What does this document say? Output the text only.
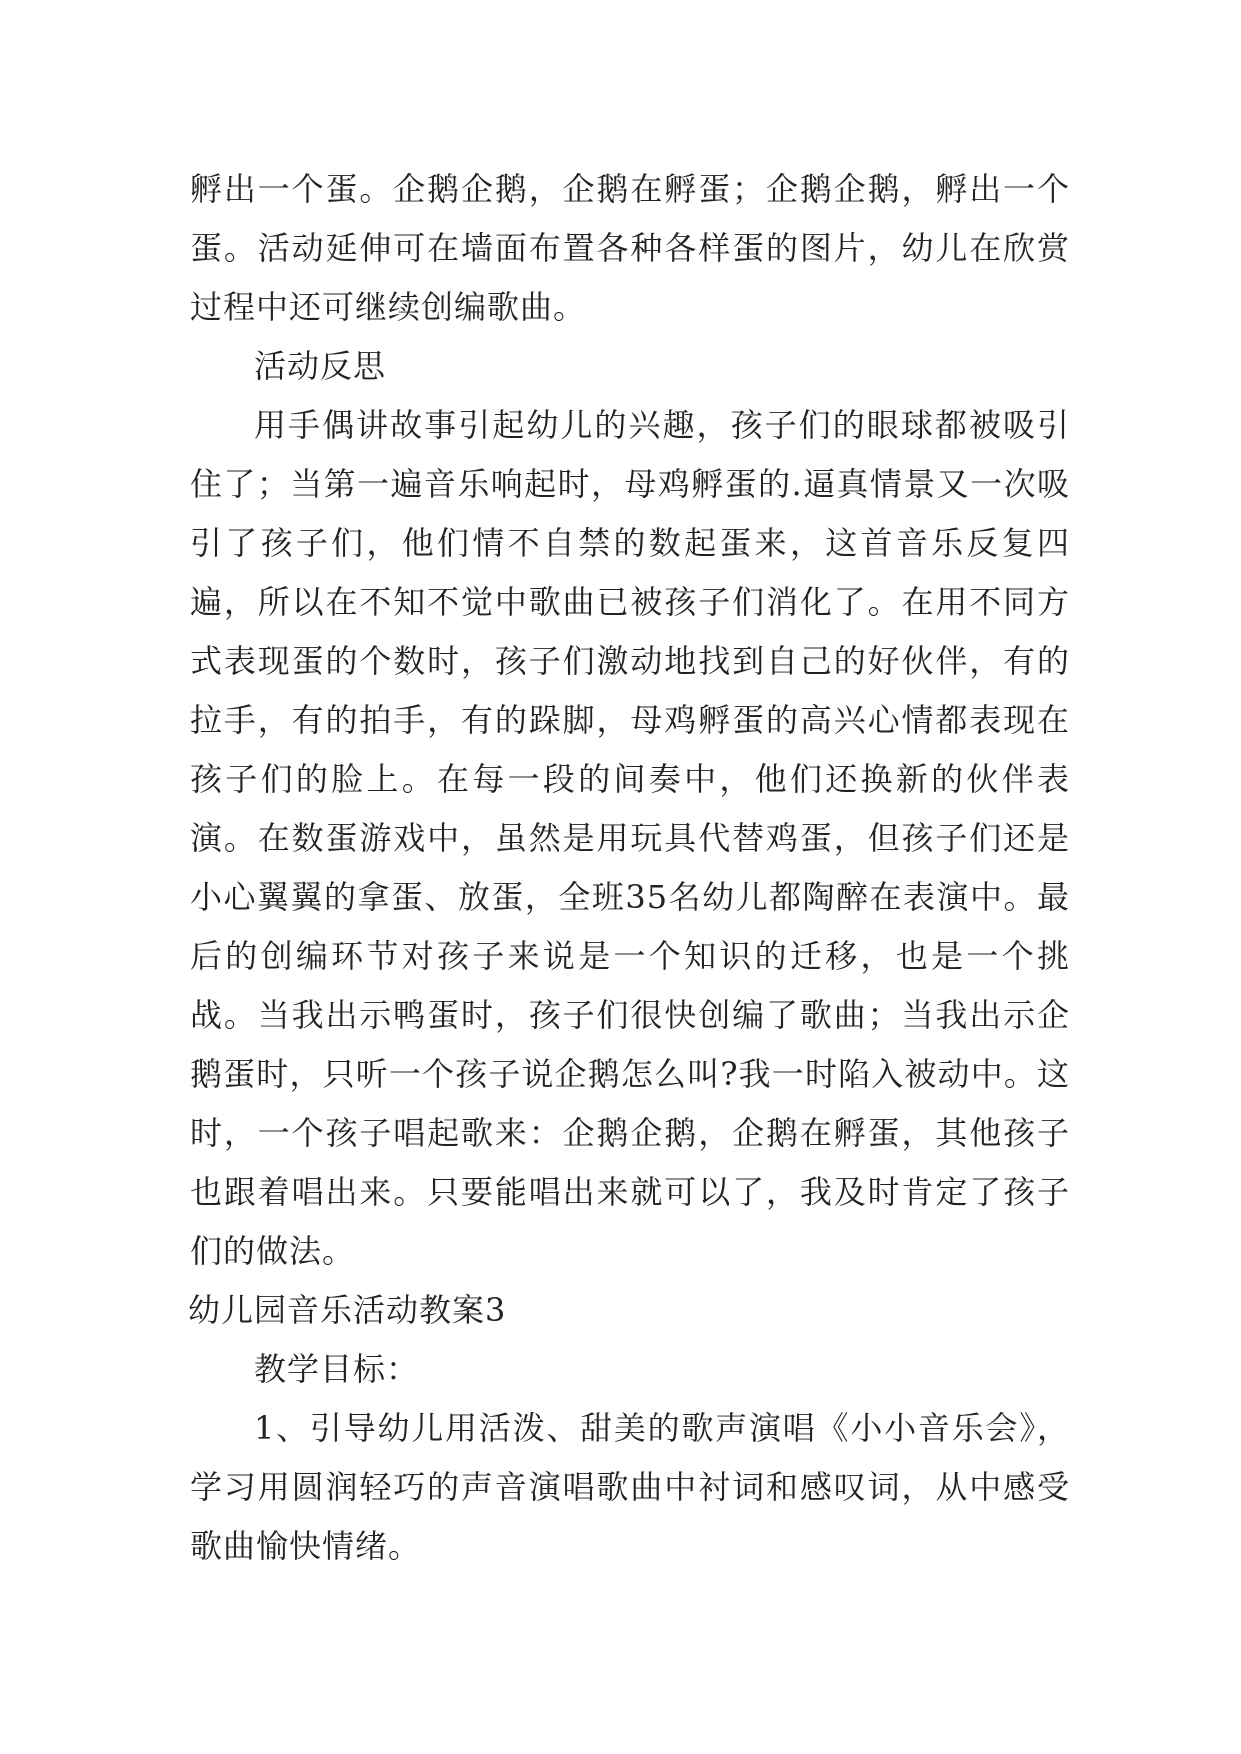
孵出一个蛋。企鹅企鹅，企鹅在孵蛋；企鹅企鹅，孵出一个蛋。活动延伸可在墙面布置各种各样蛋的图片，幼儿在欣赏过程中还可继续创编歌曲。

活动反思

用手偶讲故事引起幼儿的兴趣，孩子们的眼球都被吸引住了；当第一遍音乐响起时，母鸡孵蛋的.逼真情景又一次吸引了孩子们，他们情不自禁的数起蛋来，这首音乐反复四遍，所以在不知不觉中歌曲已被孩子们消化了。在用不同方式表现蛋的个数时，孩子们激动地找到自己的好伙伴，有的拉手，有的拍手，有的跺脚，母鸡孵蛋的高兴心情都表现在孩子们的脸上。在每一段的间奏中，他们还换新的伙伴表演。在数蛋游戏中，虽然是用玩具代替鸡蛋，但孩子们还是小心翼翼的拿蛋、放蛋，全班35名幼儿都陶醉在表演中。最后的创编环节对孩子来说是一个知识的迁移，也是一个挑战。当我出示鸭蛋时，孩子们很快创编了歌曲；当我出示企鹅蛋时，只听一个孩子说企鹅怎么叫?我一时陷入被动中。这时，一个孩子唱起歌来：企鹅企鹅，企鹅在孵蛋，其他孩子也跟着唱出来。只要能唱出来就可以了，我及时肯定了孩子们的做法。

幼儿园音乐活动教案3

教学目标：

1、引导幼儿用活泼、甜美的歌声演唱《小小音乐会》，学习用圆润轻巧的声音演唱歌曲中衬词和感叹词，从中感受歌曲愉快情绪。
